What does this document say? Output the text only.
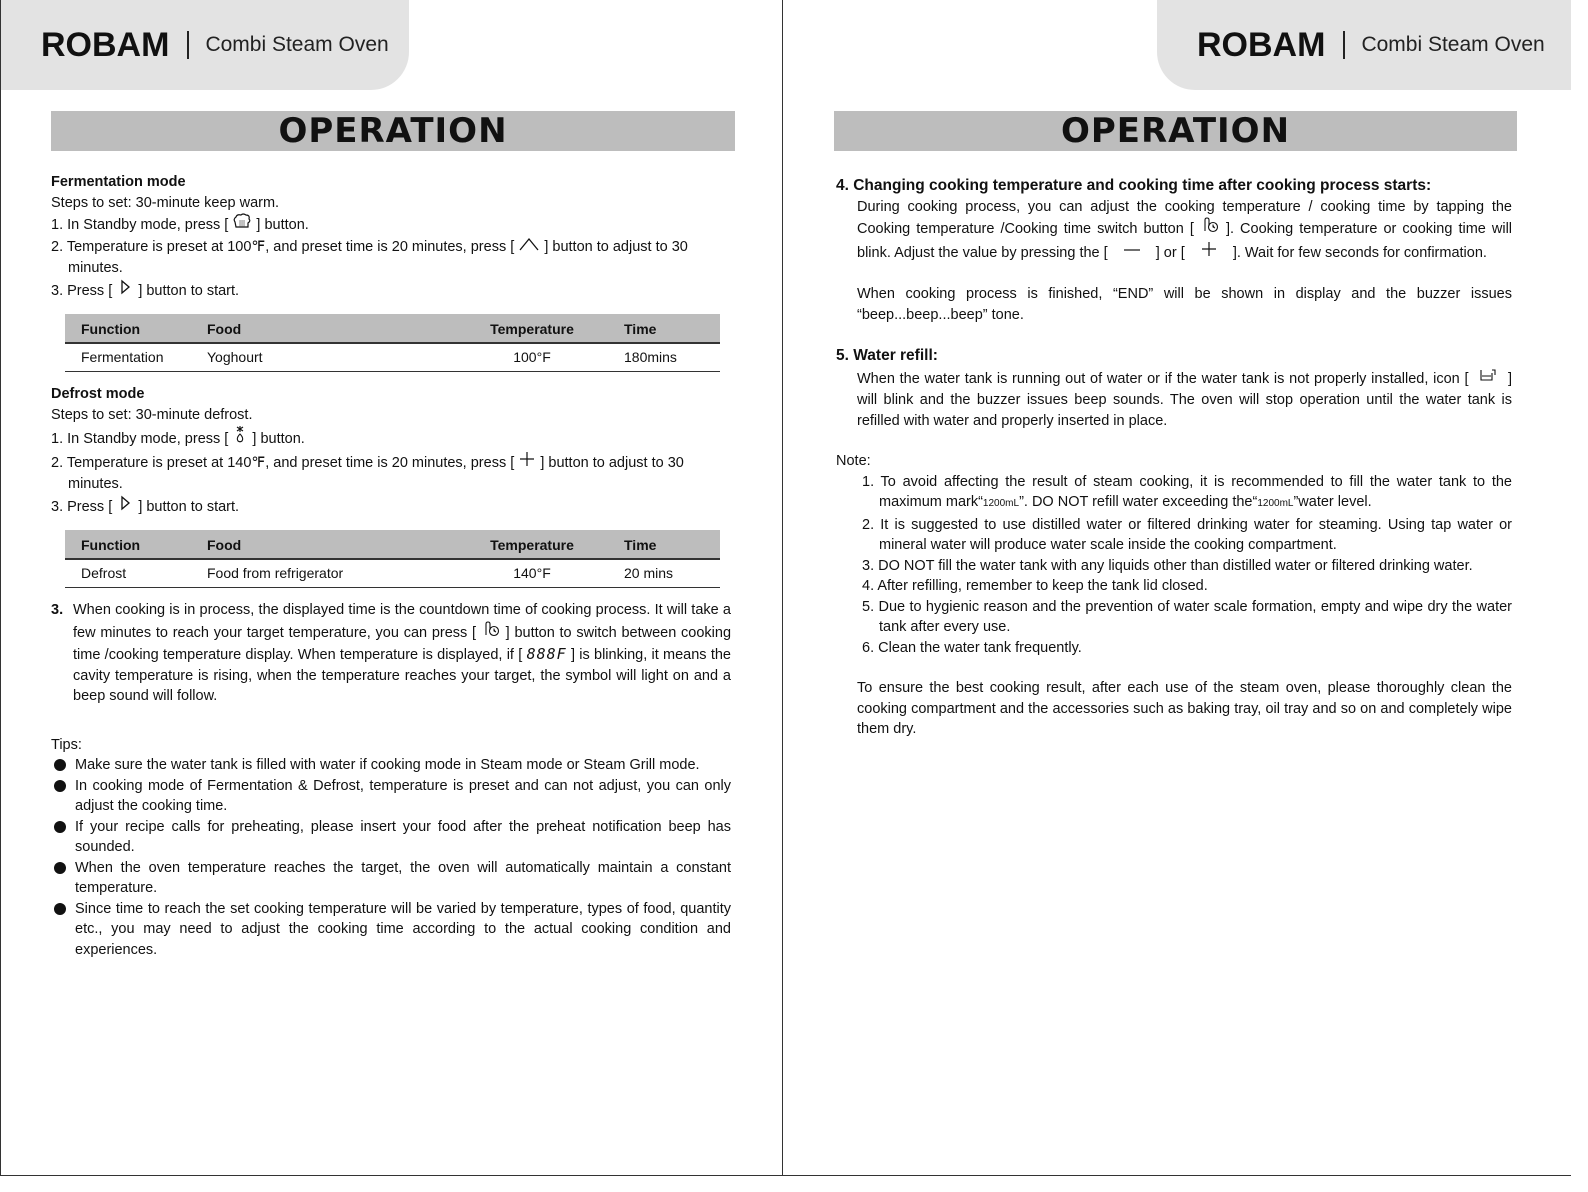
ROBAM Combi Steam Oven
OPERATION
Fermentation mode
Steps to set: 30-minute keep warm.
1. In Standby mode, press [ ||| ] button.
2. Temperature is preset at 100℉, and preset time is 20 minutes, press [ ] button to adjust to 30
minutes.
3. Press [ ] button to start.
Function	Food	Temperature	Time
Fermentation	Yoghourt	100°F	180mins
Defrost mode
Steps to set: 30-minute defrost.
1. In Standby mode, press [ ] button.
2. Temperature is preset at 140℉, and preset time is 20 minutes, press [ ] button to adjust to 30
minutes.
3. Press [ ] button to start.
Function	Food	Temperature	Time
Defrost	Food from refrigerator	140°F	20 mins
3. When cooking is in process, the displayed time is the countdown time of cooking process. It will take a few minutes to reach your target temperature, you can press [ ] button to switch between cooking time /cooking temperature display. When temperature is displayed, if [ 888F ] is blinking, it means the cavity temperature is rising, when the temperature reaches your target, the symbol will light on and a beep sound will follow.
Tips:
Make sure the water tank is filled with water if cooking mode in Steam mode or Steam Grill mode.
In cooking mode of Fermentation & Defrost, temperature is preset and can not adjust, you can only adjust the cooking time.
If your recipe calls for preheating, please insert your food after the preheat notification beep has sounded.
When the oven temperature reaches the target, the oven will automatically maintain a constant temperature.
Since time to reach the set cooking temperature will be varied by temperature, types of food, quantity etc., you may need to adjust the cooking time according to the actual cooking condition and experiences.
ROBAM Combi Steam Oven
OPERATION
4. Changing cooking temperature and cooking time after cooking process starts:
During cooking process, you can adjust the cooking temperature / cooking time by tapping the Cooking temperature /Cooking time switch button [ ]. Cooking temperature or cooking time will blink. Adjust the value by pressing the [	] or [	]. Wait for few seconds for confirmation.
When cooking process is finished, “END” will be shown in display and the buzzer issues “beep...beep...beep” tone.
5. Water refill:
When the water tank is running out of water or if the water tank is not properly installed, icon [	] will blink and the buzzer issues beep sounds. The oven will stop operation until the water tank is refilled with water and properly inserted in place.
Note:
1. To avoid affecting the result of steam cooking, it is recommended to fill the water tank to the maximum mark“1200mL”. DO NOT refill water exceeding the“1200mL”water level.
2. It is suggested to use distilled water or filtered drinking water for steaming. Using tap water or mineral water will produce water scale inside the cooking compartment.
3. DO NOT fill the water tank with any liquids other than distilled water or filtered drinking water.
4. After refilling, remember to keep the tank lid closed.
5. Due to hygienic reason and the prevention of water scale formation, empty and wipe dry the water tank after every use.
6. Clean the water tank frequently.
To ensure the best cooking result, after each use of the steam oven, please thoroughly clean the cooking compartment and the accessories such as baking tray, oil tray and so on and completely wipe them dry.
